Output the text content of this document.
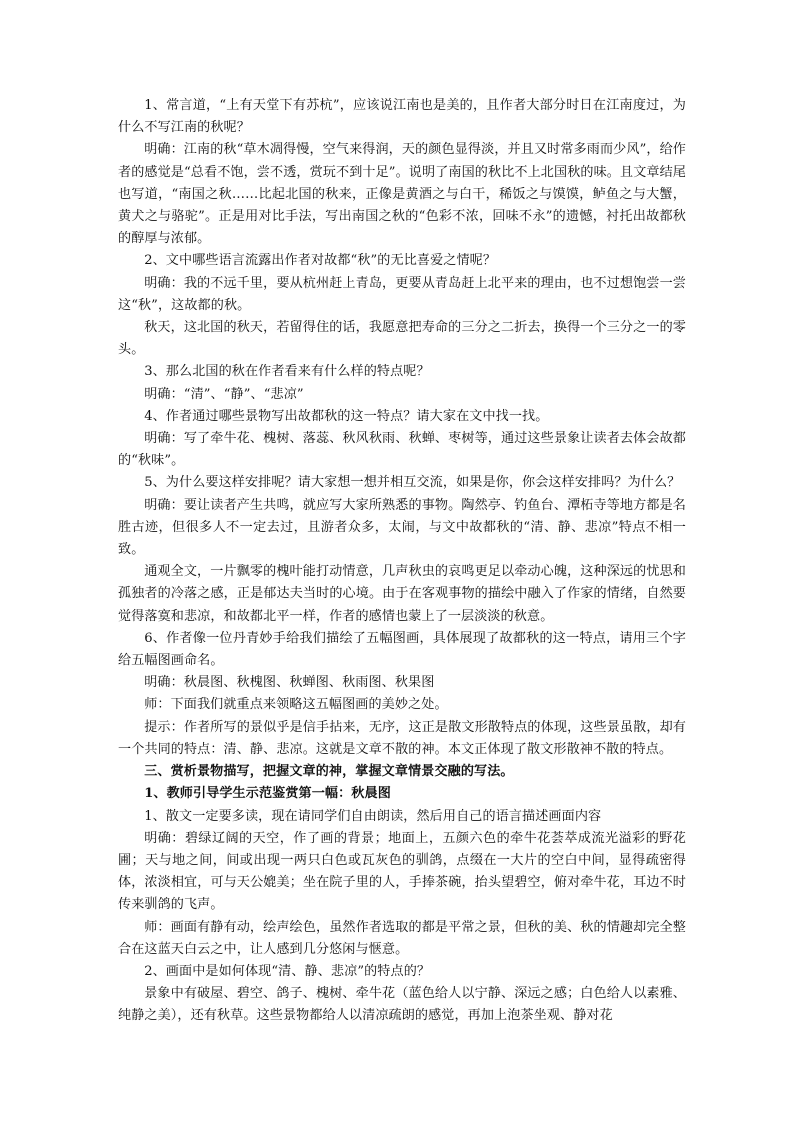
1、常言道，“上有天堂下有苏杭”，应该说江南也是美的，且作者大部分时日在江南度过，为什么不写江南的秋呢？

明确：江南的秋“草木凋得慢，空气来得润，天的颜色显得淡，并且又时常多雨而少风”，给作者的感觉是“总看不饱，尝不透，赏玩不到十足”。说明了南国的秋比不上北国秋的味。且文章结尾也写道，“南国之秋……比起北国的秋来，正像是黄酒之与白干，稀饭之与馍馍，鲈鱼之与大蟹，黄犬之与骆驼”。正是用对比手法，写出南国之秋的“色彩不浓，回味不永”的遗憾，衬托出故都秋的醇厚与浓郁。

2、文中哪些语言流露出作者对故都“秋”的无比喜爱之情呢？

明确：我的不远千里，要从杭州赶上青岛，更要从青岛赶上北平来的理由，也不过想饱尝一尝这“秋”，这故都的秋。

秋天，这北国的秋天，若留得住的话，我愿意把寿命的三分之二折去，换得一个三分之一的零头。

3、那么北国的秋在作者看来有什么样的特点呢？

明确：“清”、“静”、“悲凉”

4、作者通过哪些景物写出故都秋的这一特点？请大家在文中找一找。

明确：写了牵牛花、槐树、落蕊、秋风秋雨、秋蝉、枣树等，通过这些景象让读者去体会故都的“秋味”。

5、为什么要这样安排呢？请大家想一想并相互交流，如果是你，你会这样安排吗？为什么？

明确：要让读者产生共鸣，就应写大家所熟悉的事物。陶然亭、钓鱼台、潭柘寺等地方都是名胜古迹，但很多人不一定去过，且游者众多，太闹，与文中故都秋的“清、静、悲凉”特点不相一致。

通观全文，一片飘零的槐叶能打动情意，几声秋虫的哀鸣更足以牵动心魄，这种深远的忧思和孤独者的冷落之感，正是郁达夫当时的心境。由于在客观事物的描绘中融入了作家的情绪，自然要觉得落寞和悲凉，和故都北平一样，作者的感情也蒙上了一层淡淡的秋意。

6、作者像一位丹青妙手给我们描绘了五幅图画，具体展现了故都秋的这一特点，请用三个字给五幅图画命名。

明确：秋晨图、秋槐图、秋蝉图、秋雨图、秋果图

师：下面我们就重点来领略这五幅图画的美妙之处。

提示：作者所写的景似乎是信手拈来，无序，这正是散文形散特点的体现，这些景虽散，却有一个共同的特点：清、静、悲凉。这就是文章不散的神。本文正体现了散文形散神不散的特点。

三、赏析景物描写，把握文章的神，掌握文章情景交融的写法。

1、教师引导学生示范鉴赏第一幅：秋晨图

1、散文一定要多读，现在请同学们自由朗读，然后用自己的语言描述画面内容

明确：碧绿辽阔的天空，作了画的背景；地面上，五颜六色的牵牛花荟萃成流光溢彩的野花圃；天与地之间，间或出现一两只白色或瓦灰色的驯鸽，点缀在一大片的空白中间，显得疏密得体，浓淡相宜，可与天公媲美；坐在院子里的人，手捧茶碗，抬头望碧空，俯对牵牛花，耳边不时传来驯鸽的飞声。

师：画面有静有动，绘声绘色，虽然作者选取的都是平常之景，但秋的美、秋的情趣却完全整合在这蓝天白云之中，让人感到几分悠闲与惬意。

2、画面中是如何体现“清、静、悲凉”的特点的？

景象中有破屋、碧空、鸽子、槐树、牵牛花（蓝色给人以宁静、深远之感；白色给人以素雅、纯静之美），还有秋草。这些景物都给人以清凉疏朗的感觉，再加上泡茶坐观、静对花
